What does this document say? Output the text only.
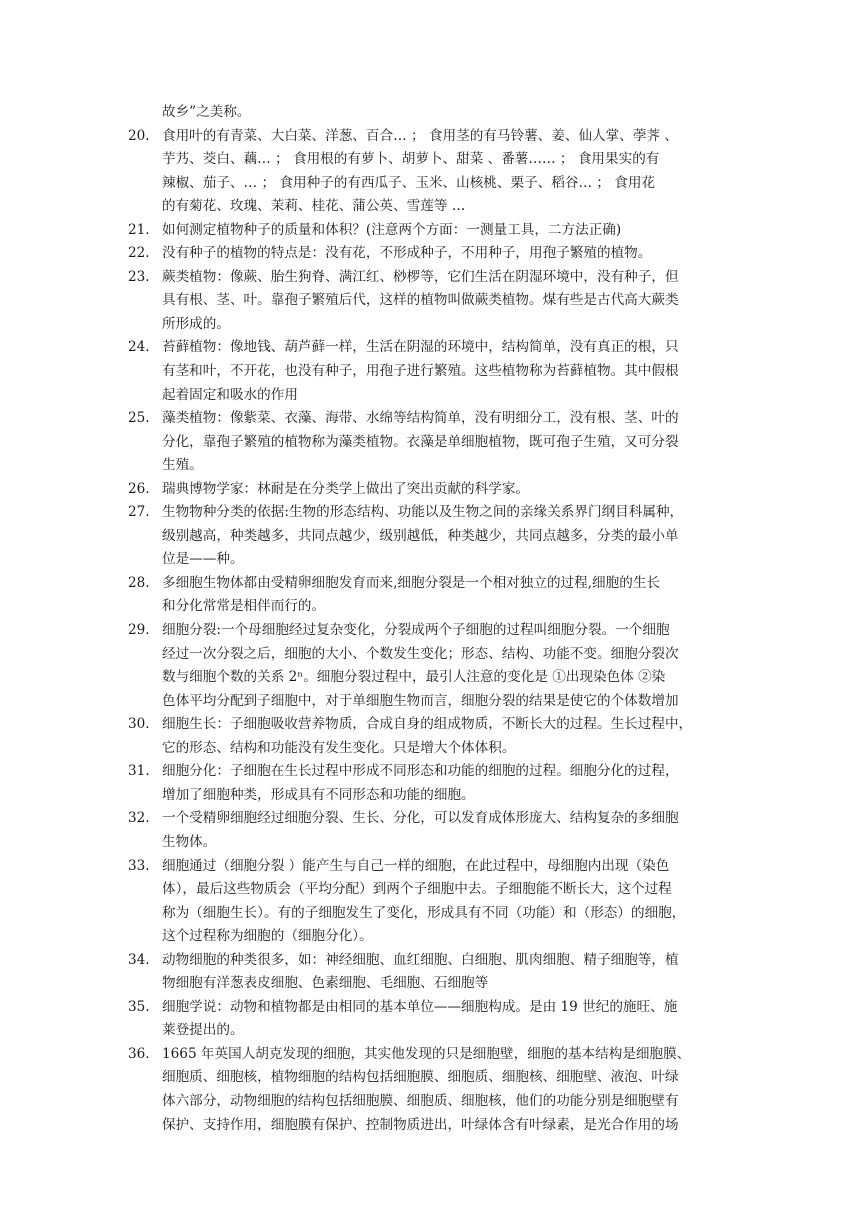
故乡”之美称。
20. 食用叶的有青菜、大白菜、洋葱、百合… ； 食用茎的有马铃薯、姜、仙人掌、荸荠 、
芋艿、茭白、藕… ； 食用根的有萝卜、胡萝卜、甜菜 、番薯…… ； 食用果实的有
辣椒、茄子、… ； 食用种子的有西瓜子、玉米、山核桃、栗子、稻谷… ； 食用花
的有菊花、玫瑰、茉莉、桂花、蒲公英、雪莲等 …
21. 如何测定植物种子的质量和体积？(注意两个方面：一测量工具，二方法正确)
22. 没有种子的植物的特点是：没有花，不形成种子，不用种子，用孢子繁殖的植物。
23. 蕨类植物：像蕨、胎生狗脊、满江红、桫椤等，它们生活在阴湿环境中，没有种子，但
具有根、茎、叶。靠孢子繁殖后代，这样的植物叫做蕨类植物。煤有些是古代高大蕨类
所形成的。
24. 苔藓植物：像地钱、葫芦藓一样，生活在阴湿的环境中，结构简单，没有真正的根，只
有茎和叶，不开花，也没有种子，用孢子进行繁殖。这些植物称为苔藓植物。其中假根
起着固定和吸水的作用
25. 藻类植物：像紫菜、衣藻、海带、水绵等结构简单，没有明细分工，没有根、茎、叶的
分化，靠孢子繁殖的植物称为藻类植物。衣藻是单细胞植物，既可孢子生殖，又可分裂
生殖。
26. 瑞典博物学家：林耐是在分类学上做出了突出贡献的科学家。
27. 生物物种分类的依据:生物的形态结构、功能以及生物之间的亲缘关系界门纲目科属种，
级别越高，种类越多，共同点越少，级别越低，种类越少，共同点越多，分类的最小单
位是——种。
28. 多细胞生物体都由受精卵细胞发育而来,细胞分裂是一个相对独立的过程,细胞的生长
和分化常常是相伴而行的。
29. 细胞分裂:一个母细胞经过复杂变化，分裂成两个子细胞的过程叫细胞分裂。一个细胞
经过一次分裂之后，细胞的大小、个数发生变化；形态、结构、功能不变。细胞分裂次
数与细胞个数的关系 2ⁿ。细胞分裂过程中，最引人注意的变化是 ①出现染色体 ②染
色体平均分配到子细胞中，对于单细胞生物而言，细胞分裂的结果是使它的个体数增加
30. 细胞生长：子细胞吸收营养物质，合成自身的组成物质，不断长大的过程。生长过程中，
它的形态、结构和功能没有发生变化。只是增大个体体积。
31. 细胞分化：子细胞在生长过程中形成不同形态和功能的细胞的过程。细胞分化的过程，
增加了细胞种类，形成具有不同形态和功能的细胞。
32. 一个受精卵细胞经过细胞分裂、生长、分化，可以发育成体形庞大、结构复杂的多细胞
生物体。
33. 细胞通过（细胞分裂 ）能产生与自己一样的细胞，在此过程中，母细胞内出现（染色
体），最后这些物质会（平均分配）到两个子细胞中去。子细胞能不断长大，这个过程
称为（细胞生长）。有的子细胞发生了变化，形成具有不同（功能）和（形态）的细胞，
这个过程称为细胞的（细胞分化）。
34. 动物细胞的种类很多，如：神经细胞、血红细胞、白细胞、肌肉细胞、精子细胞等，植
物细胞有洋葱表皮细胞、色素细胞、毛细胞、石细胞等
35. 细胞学说：动物和植物都是由相同的基本单位——细胞构成。是由 19 世纪的施旺、施
莱登提出的。
36. 1665 年英国人胡克发现的细胞，其实他发现的只是细胞壁，细胞的基本结构是细胞膜、
细胞质、细胞核，植物细胞的结构包括细胞膜、细胞质、细胞核、细胞壁、液泡、叶绿
体六部分，动物细胞的结构包括细胞膜、细胞质、细胞核，他们的功能分别是细胞壁有
保护、支持作用，细胞膜有保护、控制物质进出，叶绿体含有叶绿素，是光合作用的场
